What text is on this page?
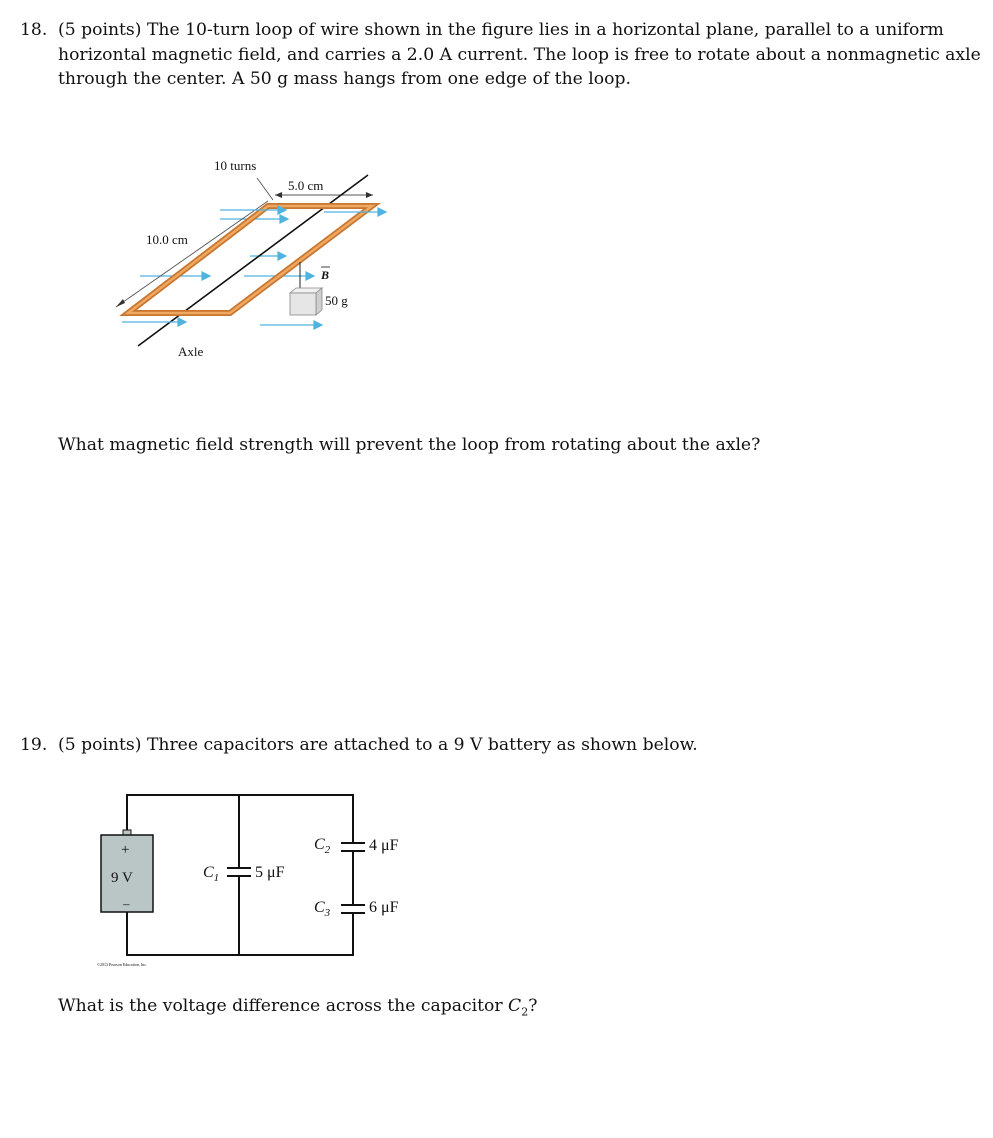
18. (5 points) The 10-turn loop of wire shown in the figure lies in a horizontal plane, parallel to a uniform horizontal magnetic field, and carries a 2.0 A current. The loop is free to rotate about a nonmagnetic axle through the center. A 50 g mass hangs from one edge of the loop.

10 turns
5.0 cm
10.0 cm
B
50 g
Axle

What magnetic field strength will prevent the loop from rotating about the axle?

19. (5 points) Three capacitors are attached to a 9 V battery as shown below.

+
9 V
–
$C_1$ 5 μF
$C_2$ 4 μF
$C_3$ 6 μF
©2013 Pearson Education, Inc.

What is the voltage difference across the capacitor $C_2$?
